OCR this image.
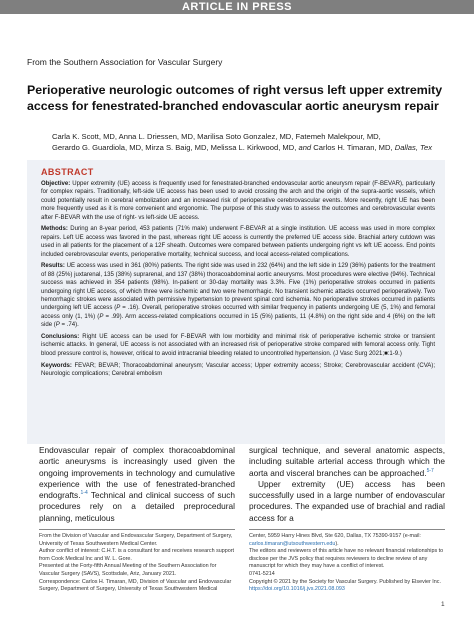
ARTICLE IN PRESS
From the Southern Association for Vascular Surgery
Perioperative neurologic outcomes of right versus left upper extremity access for fenestrated-branched endovascular aortic aneurysm repair
Carla K. Scott, MD, Anna L. Driessen, MD, Marilisa Soto Gonzalez, MD, Fatemeh Malekpour, MD,
Gerardo G. Guardiola, MD, Mirza S. Baig, MD, Melissa L. Kirkwood, MD, and Carlos H. Timaran, MD, Dallas, Tex
ABSTRACT

Objective: Upper extremity (UE) access is frequently used for fenestrated-branched endovascular aortic aneurysm repair (F-BEVAR), particularly for complex repairs. Traditionally, left-side UE access has been used to avoid crossing the arch and the origin of the supra-aortic vessels, which could potentially result in cerebral embolization and an increased risk of perioperative cerebrovascular events. More recently, right UE has been more frequently used as it is more convenient and ergonomic. The purpose of this study was to assess the outcomes and cerebrovascular events after F-BEVAR with the use of right- vs left-side UE access.

Methods: During an 8-year period, 453 patients (71% male) underwent F-BEVAR at a single institution. UE access was used in more complex repairs. Left UE access was favored in the past, whereas right UE access is currently the preferred UE access side. Brachial artery cutdown was used in all patients for the placement of a 12F sheath. Outcomes were compared between patients undergoing right vs left UE access. End points included cerebrovascular events, perioperative mortality, technical success, and local access-related complications.

Results: UE access was used in 361 (80%) patients. The right side was used in 232 (64%) and the left side in 129 (36%) patients for the treatment of 88 (25%) juxtarenal, 135 (38%) suprarenal, and 137 (38%) thoracoabdominal aortic aneurysms. Most procedures were elective (94%). Technical success was achieved in 354 patients (98%). In-patient or 30-day mortality was 3.3%. Five (1%) perioperative strokes occurred in patients undergoing right UE access, of which three were ischemic and two were hemorrhagic. No transient ischemic attacks occurred perioperatively. Two hemorrhagic strokes were associated with permissive hypertension to prevent spinal cord ischemia. No perioperative strokes occurred in patients undergoing left UE access (P = .16). Overall, perioperative strokes occurred with similar frequency in patients undergoing UE (5, 1%) and femoral access only (1, 1%) (P = .99). Arm access-related complications occurred in 15 (5%) patients, 11 (4.8%) on the right side and 4 (6%) on the left side (P = .74).

Conclusions: Right UE access can be used for F-BEVAR with low morbidity and minimal risk of perioperative ischemic stroke or transient ischemic attacks. In general, UE access is not associated with an increased risk of perioperative stroke compared with femoral access only. Tight blood pressure control is, however, critical to avoid intracranial bleeding related to uncontrolled hypertension. (J Vasc Surg 2021;■:1-9.)

Keywords: FEVAR; BEVAR; Thoracoabdominal aneurysm; Vascular access; Upper extremity access; Stroke; Cerebrovascular accident (CVA); Neurologic complications; Cerebral embolism

Endovascular repair of complex thoracoabdominal aortic aneurysms is increasingly used given the ongoing improvements in technology and cumulative experience with the use of fenestrated-branched endografts.$^{1-4}$ Technical and clinical success of such procedures rely on a detailed preprocedural planning, meticulous

surgical technique, and several anatomic aspects, including suitable arterial access through which the aorta and visceral branches can be approached.$^{5-7}$

Upper extremity (UE) access has been successfully used in a large number of endovascular procedures. The expanded use of brachial and radial access for a

From the Division of Vascular and Endovascular Surgery, Department of Surgery, University of Texas Southwestern Medical Center.

Author conflict of interest: C.H.T. is a consultant for and receives research support from Cook Medical Inc and W. L. Gore.

Presented at the Forty-fifth Annual Meeting of the Southern Association for Vascular Surgery (SAVS), Scottsdale, Ariz, January 2021.

Correspondence: Carlos H. Timaran, MD, Division of Vascular and Endovascular Surgery, Department of Surgery, University of Texas Southwestern Medical

Center, 5959 Harry Hines Blvd, Ste 620, Dallas, TX 75390-9157 (e-mail: carlos.timaran@utsouthwestern.edu).

The editors and reviewers of this article have no relevant financial relationships to disclose per the JVS policy that requires reviewers to decline review of any manuscript for which they may have a conflict of interest.

0741-5214

Copyright © 2021 by the Society for Vascular Surgery. Published by Elsevier Inc.

https://doi.org/10.1016/j.jvs.2021.08.093

1
